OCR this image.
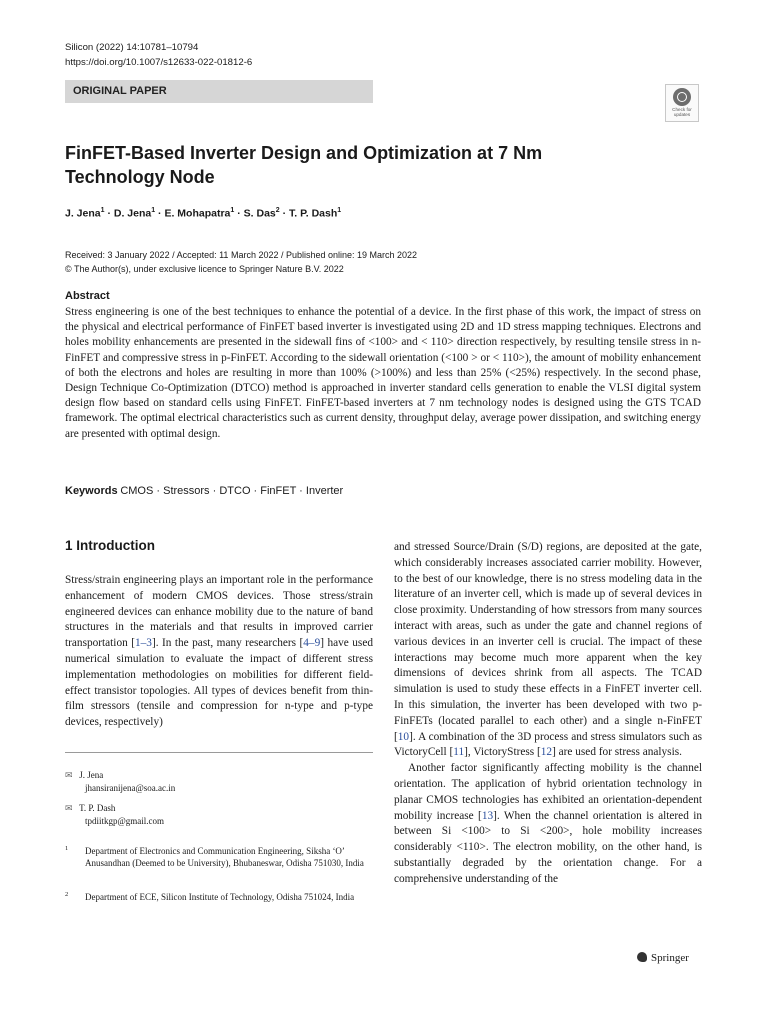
Silicon (2022) 14:10781–10794
https://doi.org/10.1007/s12633-022-01812-6
ORIGINAL PAPER
Check for
updates
FinFET-Based Inverter Design and Optimization at 7 Nm Technology Node
J. Jena$^1$ · D. Jena$^1$ · E. Mohapatra$^1$ · S. Das$^2$ · T. P. Dash$^1$
Received: 3 January 2022 / Accepted: 11 March 2022 / Published online: 19 March 2022
© The Author(s), under exclusive licence to Springer Nature B.V. 2022
Abstract
Stress engineering is one of the best techniques to enhance the potential of a device. In the first phase of this work, the impact of stress on the physical and electrical performance of FinFET based inverter is investigated using 2D and 1D stress mapping techniques. Electrons and holes mobility enhancements are presented in the sidewall fins of <100> and < 110> direction respectively, by resulting tensile stress in n-FinFET and compressive stress in p-FinFET. According to the sidewall orientation (<100 > or < 110>), the amount of mobility enhancement of both the electrons and holes are resulting in more than 100% (>100%) and less than 25% (<25%) respectively. In the second phase, Design Technique Co-Optimization (DTCO) method is approached in inverter standard cells generation to enable the VLSI digital system design flow based on standard cells using FinFET. FinFET-based inverters at 7 nm technology nodes is designed using the GTS TCAD framework. The optimal electrical characteristics such as current density, throughput delay, average power dissipation, and switching energy are presented with optimal design.
Keywords CMOS · Stressors · DTCO · FinFET · Inverter
1 Introduction

Stress/strain engineering plays an important role in the performance enhancement of modern CMOS devices. Those stress/strain engineered devices can enhance mobility due to the nature of band structures in the materials and that results in improved carrier transportation [1–3]. In the past, many researchers [4–9] have used numerical simulation to evaluate the impact of different stress implementation methodologies on mobilities for different field-effect transistor topologies. All types of devices benefit from thin-film stressors (tensile and compression for n-type and p-type devices, respectively)

and stressed Source/Drain (S/D) regions, are deposited at the gate, which considerably increases associated carrier mobility. However, to the best of our knowledge, there is no stress modeling data in the literature of an inverter cell, which is made up of several devices in close proximity. Understanding of how stressors from many sources interact with areas, such as under the gate and channel regions of various devices in an inverter cell is crucial. The impact of these interactions may become much more apparent when the key dimensions of devices shrink from all aspects. The TCAD simulation is used to study these effects in a FinFET inverter cell. In this simulation, the inverter has been developed with two p-FinFETs (located parallel to each other) and a single n-FinFET [10]. A combination of the 3D process and stress simulators such as VictoryCell [11], VictoryStress [12] are used for stress analysis.

Another factor significantly affecting mobility is the channel orientation. The application of hybrid orientation technology in planar CMOS technologies has exhibited an orientation-dependent mobility increase [13]. When the channel orientation is altered in between Si <100> to Si <200>, hole mobility increases considerably <110>. The electron mobility, on the other hand, is substantially degraded by the orientation change. For a comprehensive understanding of the

✉ J. Jena
jhansiranijena@soa.ac.in
✉ T. P. Dash
tpdiitkgp@gmail.com
1 Department of Electronics and Communication Engineering, Siksha ‘O’ Anusandhan (Deemed to be University), Bhubaneswar, Odisha 751030, India
2 Department of ECE, Silicon Institute of Technology, Odisha 751024, India
Springer
